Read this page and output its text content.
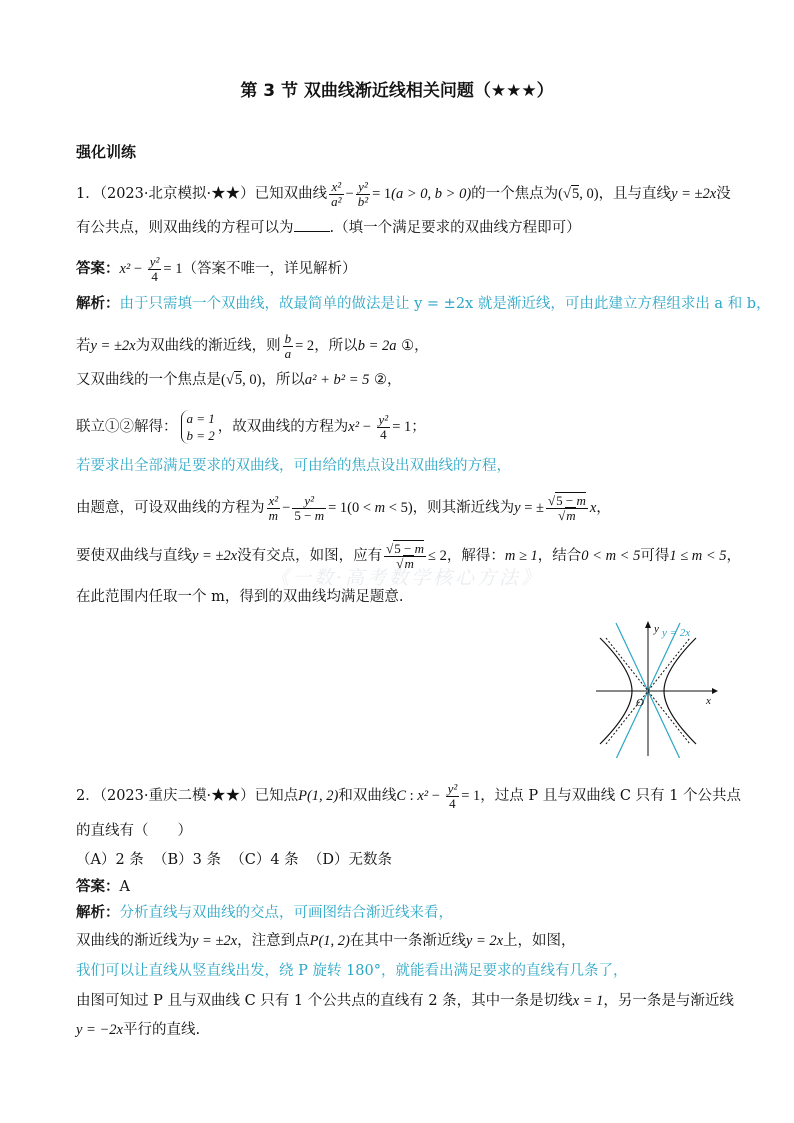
第 3 节 双曲线渐近线相关问题（★★★）
强化训练
1．（2023·北京模拟·★★）已知双曲线 $\frac{\text{x²}}{\text{a²}} - \frac{\text{y²}}{\text{b²}} = 1(a > 0$, b > 0)的一个焦点为(√5, 0)，且与直线y = ±2x没
有公共点，则双曲线的方程可以为 .（填一个满足要求的双曲线方程即可）
答案：$x^2 - \frac{\text{y²}}{4} = 1$（答案不唯一，详见解析）
解析：由于只需填一个双曲线，故最简单的做法是让 y = ±2x 就是渐近线，可由此建立方程组求出 a 和 b，
若y = ±2x为双曲线的渐近线，则 $\frac{b}{a} = 2$，所以b = 2a ①，
又双曲线的一个焦点是(√5, 0)，所以a² + b² = 5 ②，
联立①②解得：a = 1
b = 2，故双曲线的方程为$x^2 - \frac{\text{y²}}{4} = 1$；
若要求出全部满足要求的双曲线，可由给的焦点设出双曲线的方程，
由题意，可设双曲线的方程为 $\frac{\text{x²}}{m} - \frac{\text{y²}}{5 - m} = 1(0 < m < 5)$，则其渐近线为y = ± $\frac{√5 - m}{√m}$ x，
要使双曲线与直线y = ±2x没有交点，如图，应有 $\frac{√5 - m}{√m} \le 2$，解得：m ≥ 1，结合0 < m < 5可得1 ≤ m < 5，
在此范围内任取一个 m，得到的双曲线均满足题意.
《一数·高考数学核心方法》
y
x
O
y = 2x
2．（2023·重庆二模·★★）已知点P(1, 2)和双曲线C : $x^2 - \frac{\text{y²}}{4} = 1$，过点 P 且与双曲线 C 只有 1 个公共点
的直线有（　　）
（A）2 条 （B）3 条 （C）4 条 （D）无数条
答案：A
解析：分析直线与双曲线的交点，可画图结合渐近线来看，
双曲线的渐近线为y = ±2x，注意到点P(1, 2)在其中一条渐近线y = 2x上，如图，
我们可以让直线从竖直线出发，绕 P 旋转 180°，就能看出满足要求的直线有几条了，
由图可知过 P 且与双曲线 C 只有 1 个公共点的直线有 2 条，其中一条是切线x = 1，另一条是与渐近线
y = −2x平行的直线.
